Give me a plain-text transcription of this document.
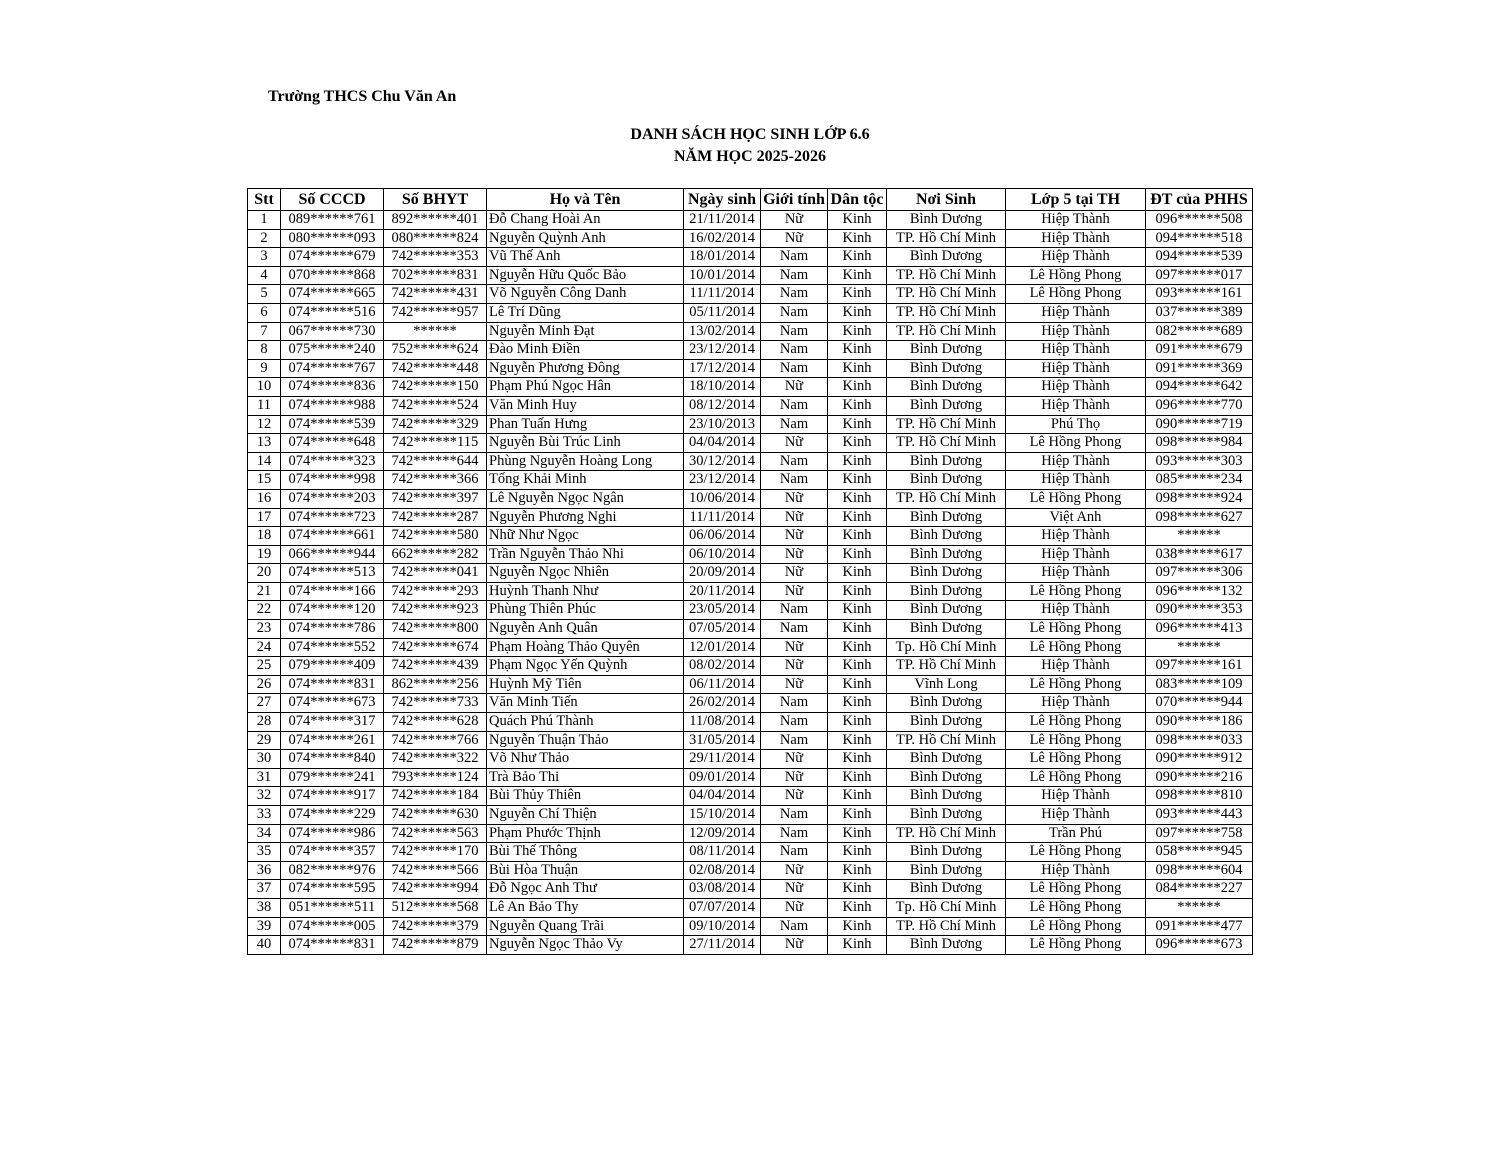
Trường THCS Chu Văn An
DANH SÁCH HỌC SINH LỚP 6.6
NĂM HỌC 2025-2026
Stt	Số CCCD	Số BHYT	Họ và Tên	Ngày sinh	Giới tính	Dân tộc	Nơi Sinh	Lớp 5 tại TH	ĐT của PHHS
1	089******761	892******401	Đỗ Chang Hoài An	21/11/2014	Nữ	Kinh	Bình Dương	Hiệp Thành	096******508
2	080******093	080******824	Nguyễn Quỳnh Anh	16/02/2014	Nữ	Kinh	TP. Hồ Chí Minh	Hiệp Thành	094******518
3	074******679	742******353	Vũ Thế Anh	18/01/2014	Nam	Kinh	Bình Dương	Hiệp Thành	094******539
4	070******868	702******831	Nguyễn Hữu Quốc Bảo	10/01/2014	Nam	Kinh	TP. Hồ Chí Minh	Lê Hồng Phong	097******017
5	074******665	742******431	Võ Nguyễn Công Danh	11/11/2014	Nam	Kinh	TP. Hồ Chí Minh	Lê Hồng Phong	093******161
6	074******516	742******957	Lê Trí Dũng	05/11/2014	Nam	Kinh	TP. Hồ Chí Minh	Hiệp Thành	037******389
7	067******730	******	Nguyễn Minh Đạt	13/02/2014	Nam	Kinh	TP. Hồ Chí Minh	Hiệp Thành	082******689
8	075******240	752******624	Đào Minh Điền	23/12/2014	Nam	Kinh	Bình Dương	Hiệp Thành	091******679
9	074******767	742******448	Nguyễn Phương Đông	17/12/2014	Nam	Kinh	Bình Dương	Hiệp Thành	091******369
10	074******836	742******150	Phạm Phú Ngọc Hân	18/10/2014	Nữ	Kinh	Bình Dương	Hiệp Thành	094******642
11	074******988	742******524	Văn Minh Huy	08/12/2014	Nam	Kinh	Bình Dương	Hiệp Thành	096******770
12	074******539	742******329	Phan Tuấn Hưng	23/10/2013	Nam	Kinh	TP. Hồ Chí Minh	Phú Thọ	090******719
13	074******648	742******115	Nguyễn Bùi Trúc Linh	04/04/2014	Nữ	Kinh	TP. Hồ Chí Minh	Lê Hồng Phong	098******984
14	074******323	742******644	Phùng Nguyễn Hoàng Long	30/12/2014	Nam	Kinh	Bình Dương	Hiệp Thành	093******303
15	074******998	742******366	Tống Khải Minh	23/12/2014	Nam	Kinh	Bình Dương	Hiệp Thành	085******234
16	074******203	742******397	Lê Nguyễn Ngọc Ngân	10/06/2014	Nữ	Kinh	TP. Hồ Chí Minh	Lê Hồng Phong	098******924
17	074******723	742******287	Nguyễn Phương Nghi	11/11/2014	Nữ	Kinh	Bình Dương	Việt Anh	098******627
18	074******661	742******580	Nhữ Như Ngọc	06/06/2014	Nữ	Kinh	Bình Dương	Hiệp Thành	******
19	066******944	662******282	Trần Nguyễn Thảo Nhi	06/10/2014	Nữ	Kinh	Bình Dương	Hiệp Thành	038******617
20	074******513	742******041	Nguyễn Ngọc Nhiên	20/09/2014	Nữ	Kinh	Bình Dương	Hiệp Thành	097******306
21	074******166	742******293	Huỳnh Thanh Như	20/11/2014	Nữ	Kinh	Bình Dương	Lê Hồng Phong	096******132
22	074******120	742******923	Phùng Thiên Phúc	23/05/2014	Nam	Kinh	Bình Dương	Hiệp Thành	090******353
23	074******786	742******800	Nguyễn Anh Quân	07/05/2014	Nam	Kinh	Bình Dương	Lê Hồng Phong	096******413
24	074******552	742******674	Phạm Hoàng Thảo Quyên	12/01/2014	Nữ	Kinh	Tp. Hồ Chí Minh	Lê Hồng Phong	******
25	079******409	742******439	Phạm Ngọc Yến Quỳnh	08/02/2014	Nữ	Kinh	TP. Hồ Chí Minh	Hiệp Thành	097******161
26	074******831	862******256	Huỳnh Mỹ Tiên	06/11/2014	Nữ	Kinh	Vĩnh Long	Lê Hồng Phong	083******109
27	074******673	742******733	Văn Minh Tiến	26/02/2014	Nam	Kinh	Bình Dương	Hiệp Thành	070******944
28	074******317	742******628	Quách Phú Thành	11/08/2014	Nam	Kinh	Bình Dương	Lê Hồng Phong	090******186
29	074******261	742******766	Nguyễn Thuận Thảo	31/05/2014	Nam	Kinh	TP. Hồ Chí Minh	Lê Hồng Phong	098******033
30	074******840	742******322	Võ Như Thảo	29/11/2014	Nữ	Kinh	Bình Dương	Lê Hồng Phong	090******912
31	079******241	793******124	Trà Bảo Thi	09/01/2014	Nữ	Kinh	Bình Dương	Lê Hồng Phong	090******216
32	074******917	742******184	Bùi Thủy Thiên	04/04/2014	Nữ	Kinh	Bình Dương	Hiệp Thành	098******810
33	074******229	742******630	Nguyễn Chí Thiện	15/10/2014	Nam	Kinh	Bình Dương	Hiệp Thành	093******443
34	074******986	742******563	Phạm Phước Thịnh	12/09/2014	Nam	Kinh	TP. Hồ Chí Minh	Trần Phú	097******758
35	074******357	742******170	Bùi Thế Thông	08/11/2014	Nam	Kinh	Bình Dương	Lê Hồng Phong	058******945
36	082******976	742******566	Bùi Hòa Thuận	02/08/2014	Nữ	Kinh	Bình Dương	Hiệp Thành	098******604
37	074******595	742******994	Đỗ Ngọc Anh Thư	03/08/2014	Nữ	Kinh	Bình Dương	Lê Hồng Phong	084******227
38	051******511	512******568	Lê An Bảo Thy	07/07/2014	Nữ	Kinh	Tp. Hồ Chí Minh	Lê Hồng Phong	******
39	074******005	742******379	Nguyễn Quang Trãi	09/10/2014	Nam	Kinh	TP. Hồ Chí Minh	Lê Hồng Phong	091******477
40	074******831	742******879	Nguyễn Ngọc Thảo Vy	27/11/2014	Nữ	Kinh	Bình Dương	Lê Hồng Phong	096******673
